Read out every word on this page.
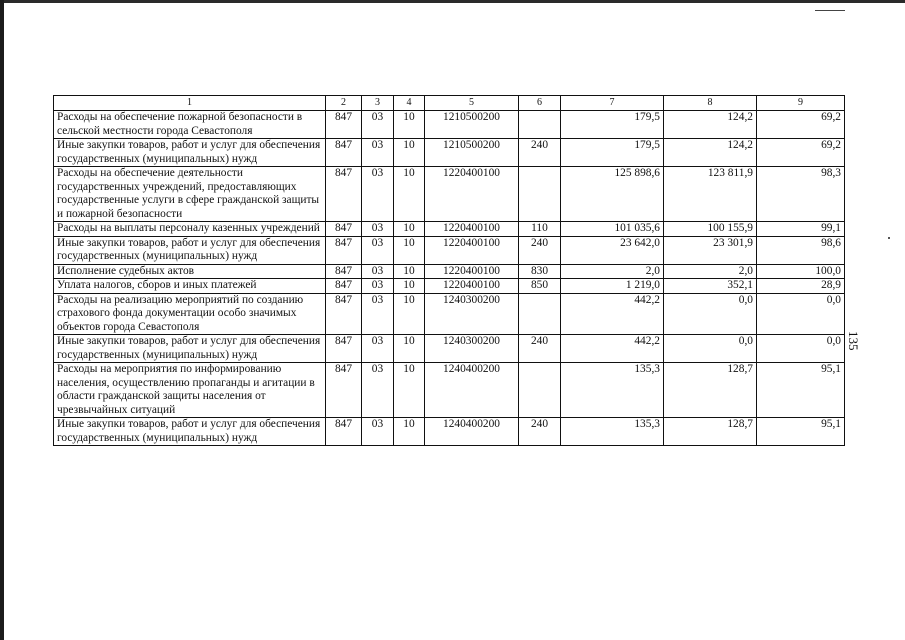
135
1	2	3	4	5	6	7	8	9
Расходы на обеспечение пожарной безопасности в сельской местности города Севастополя	847	03	10	1210500200		179,5	124,2	69,2
Иные закупки товаров, работ и услуг для обеспечения государственных (муниципальных) нужд	847	03	10	1210500200	240	179,5	124,2	69,2
Расходы на обеспечение деятельности государственных учреждений, предоставляющих государственные услуги в сфере гражданской защиты и пожарной безопасности	847	03	10	1220400100		125 898,6	123 811,9	98,3
Расходы на выплаты персоналу казенных учреждений	847	03	10	1220400100	110	101 035,6	100 155,9	99,1
Иные закупки товаров, работ и услуг для обеспечения государственных (муниципальных) нужд	847	03	10	1220400100	240	23 642,0	23 301,9	98,6
Исполнение судебных актов	847	03	10	1220400100	830	2,0	2,0	100,0
Уплата налогов, сборов и иных платежей	847	03	10	1220400100	850	1 219,0	352,1	28,9
Расходы на реализацию мероприятий по созданию страхового фонда документации особо значимых объектов города Севастополя	847	03	10	1240300200		442,2	0,0	0,0
Иные закупки товаров, работ и услуг для обеспечения государственных (муниципальных) нужд	847	03	10	1240300200	240	442,2	0,0	0,0
Расходы на мероприятия по информированию населения, осуществлению пропаганды и агитации в области гражданской защиты населения от чрезвычайных ситуаций	847	03	10	1240400200		135,3	128,7	95,1
Иные закупки товаров, работ и услуг для обеспечения государственных (муниципальных) нужд	847	03	10	1240400200	240	135,3	128,7	95,1
